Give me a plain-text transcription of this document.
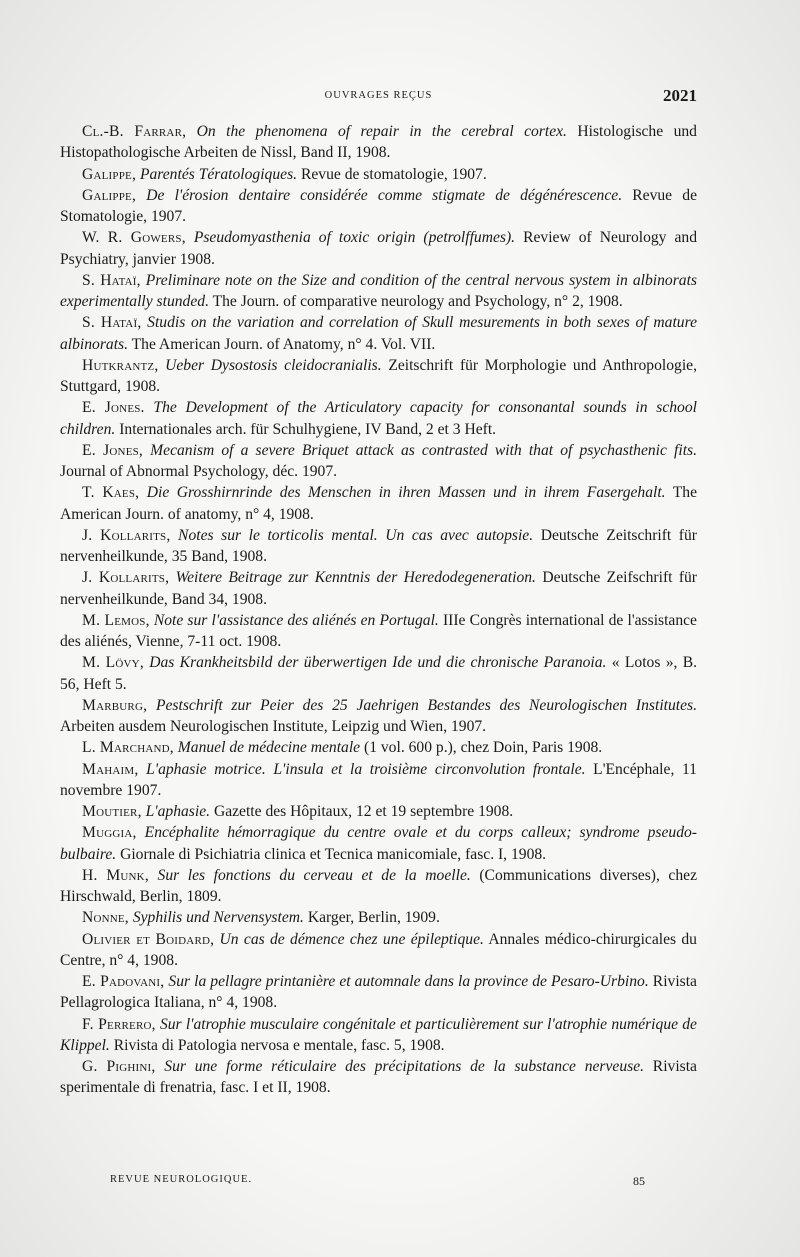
OUVRAGES REÇUS	2021

Cl.-B. Farrar, On the phenomena of repair in the cerebral cortex. Histologische und Histopathologische Arbeiten de Nissl, Band II, 1908.

Galippe, Parentés Tératologiques. Revue de stomatologie, 1907.

Galippe, De l'érosion dentaire considérée comme stigmate de dégénérescence. Revue de Stomatologie, 1907.

W. R. Gowers, Pseudomyasthenia of toxic origin (petrolffumes). Review of Neurology and Psychiatry, janvier 1908.

S. Hataï, Preliminare note on the Size and condition of the central nervous system in albinorats experimentally stunded. The Journ. of comparative neurology and Psychology, n° 2, 1908.

S. Hataï, Studis on the variation and correlation of Skull mesurements in both sexes of mature albinorats. The American Journ. of Anatomy, n° 4. Vol. VII.

Hutkrantz, Ueber Dysostosis cleidocranialis. Zeitschrift für Morphologie und Anthropologie, Stuttgard, 1908.

E. Jones. The Development of the Articulatory capacity for consonantal sounds in school children. Internationales arch. für Schulhygiene, IV Band, 2 et 3 Heft.

E. Jones, Mecanism of a severe Briquet attack as contrasted with that of psychasthenic fits. Journal of Abnormal Psychology, déc. 1907.

T. Kaes, Die Grosshirnrinde des Menschen in ihren Massen und in ihrem Fasergehalt. The American Journ. of anatomy, n° 4, 1908.

J. Kollarits, Notes sur le torticolis mental. Un cas avec autopsie. Deutsche Zeitschrift für nervenheilkunde, 35 Band, 1908.

J. Kollarits, Weitere Beitrage zur Kenntnis der Heredodegeneration. Deutsche Zeifschrift für nervenheilkunde, Band 34, 1908.

M. Lemos, Note sur l'assistance des aliénés en Portugal. IIIe Congrès international de l'assistance des aliénés, Vienne, 7-11 oct. 1908.

M. Lövy, Das Krankheitsbild der überwertigen Ide und die chronische Paranoia. « Lotos », B. 56, Heft 5.

Marburg, Pestschrift zur Peier des 25 Jaehrigen Bestandes des Neurologischen Institutes. Arbeiten ausdem Neurologischen Institute, Leipzig und Wien, 1907.

L. Marchand, Manuel de médecine mentale (1 vol. 600 p.), chez Doin, Paris 1908.

Mahaim, L'aphasie motrice. L'insula et la troisième circonvolution frontale. L'Encéphale, 11 novembre 1907.

Moutier, L'aphasie. Gazette des Hôpitaux, 12 et 19 septembre 1908.

Muggia, Encéphalite hémorragique du centre ovale et du corps calleux; syndrome pseudo-bulbaire. Giornale di Psichiatria clinica et Tecnica manicomiale, fasc. I, 1908.

H. Munk, Sur les fonctions du cerveau et de la moelle. (Communications diverses), chez Hirschwald, Berlin, 1809.

Nonne, Syphilis und Nervensystem. Karger, Berlin, 1909.

Olivier et Boidard, Un cas de démence chez une épileptique. Annales médico-chirurgicales du Centre, n° 4, 1908.

E. Padovani, Sur la pellagre printanière et automnale dans la province de Pesaro-Urbino. Rivista Pellagrologica Italiana, n° 4, 1908.

F. Perrero, Sur l'atrophie musculaire congénitale et particulièrement sur l'atrophie numérique de Klippel. Rivista di Patologia nervosa e mentale, fasc. 5, 1908.

G. Pighini, Sur une forme réticulaire des précipitations de la substance nerveuse. Rivista sperimentale di frenatria, fasc. I et II, 1908.

REVUE NEUROLOGIQUE.	85
